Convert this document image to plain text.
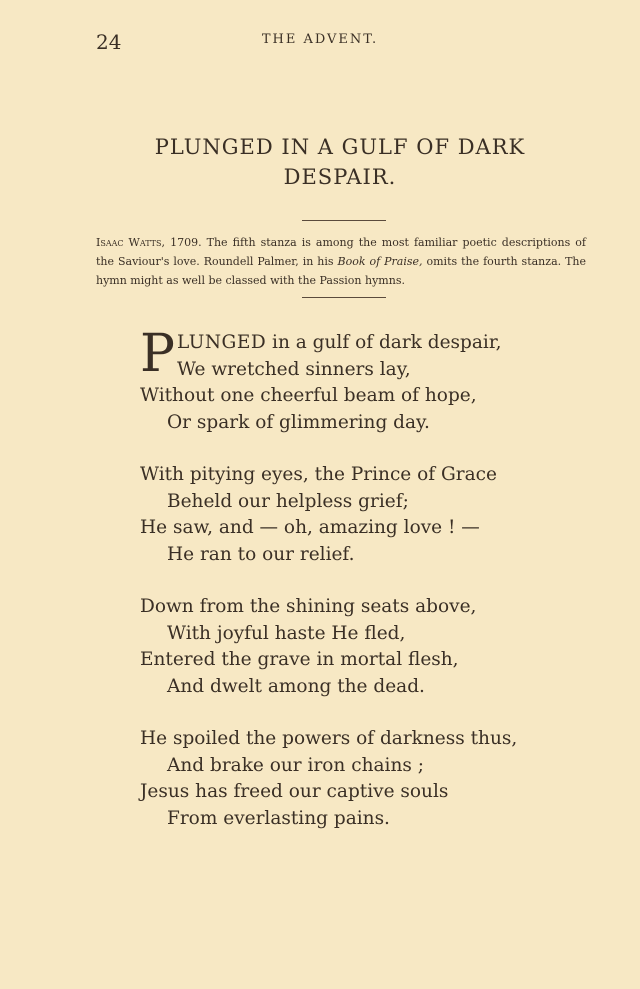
24	THE ADVENT.
PLUNGED IN A GULF OF DARK DESPAIR.
Isaac Watts, 1709. The fifth stanza is among the most familiar poetic descriptions of the Saviour's love. Roundell Palmer, in his Book of Praise, omits the fourth stanza. The hymn might as well be classed with the Passion hymns.
PLUNGED in a gulf of dark despair,
We wretched sinners lay,
Without one cheerful beam of hope,
Or spark of glimmering day.
With pitying eyes, the Prince of Grace
Beheld our helpless grief;
He saw, and — oh, amazing love ! —
He ran to our relief.
Down from the shining seats above,
With joyful haste He fled,
Entered the grave in mortal flesh,
And dwelt among the dead.
He spoiled the powers of darkness thus,
And brake our iron chains ;
Jesus has freed our captive souls
From everlasting pains.
